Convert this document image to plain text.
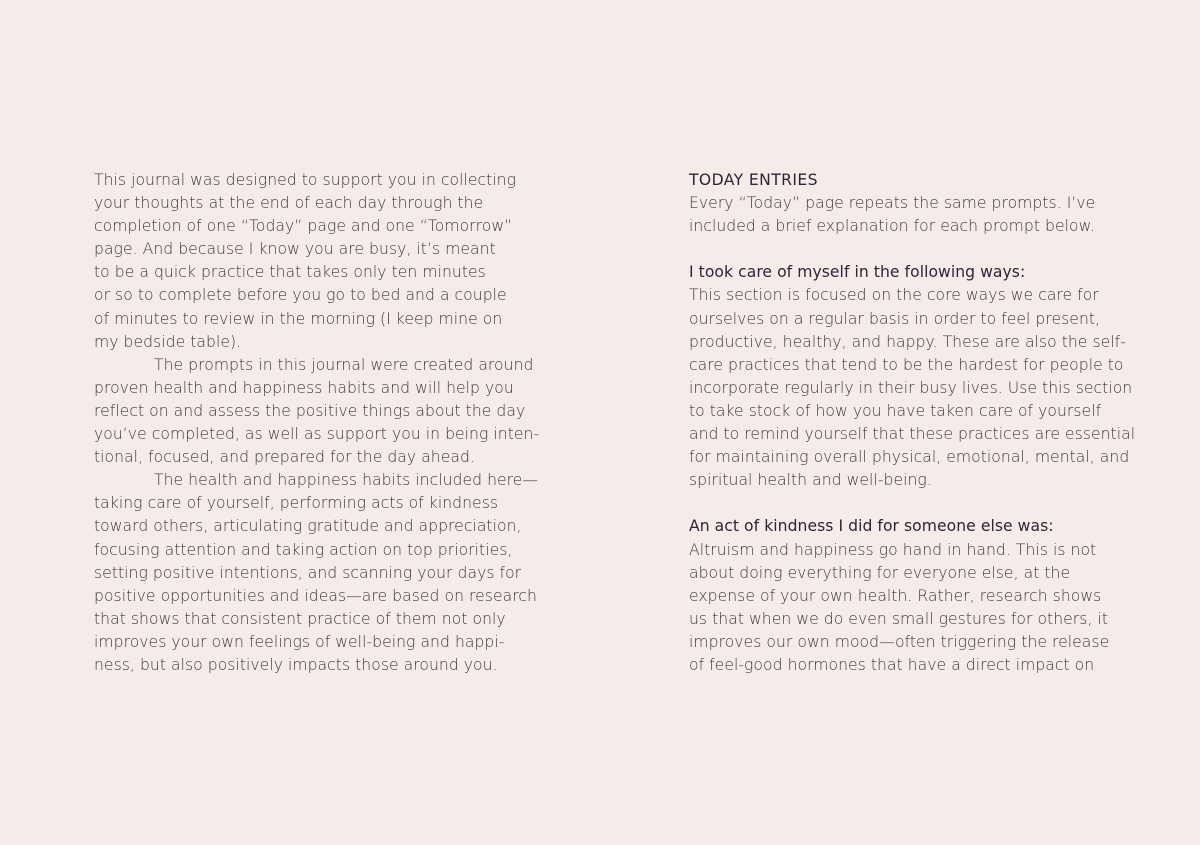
This journal was designed to support you in collecting
your thoughts at the end of each day through the
completion of one “Today” page and one “Tomorrow”
page. And because I know you are busy, it’s meant
to be a quick practice that takes only ten minutes
or so to complete before you go to bed and a couple
of minutes to review in the morning (I keep mine on
my bedside table).
The prompts in this journal were created around
proven health and happiness habits and will help you
reflect on and assess the positive things about the day
you’ve completed, as well as support you in being inten-
tional, focused, and prepared for the day ahead.
The health and happiness habits included here—
taking care of yourself, performing acts of kindness
toward others, articulating gratitude and appreciation,
focusing attention and taking action on top priorities,
setting positive intentions, and scanning your days for
positive opportunities and ideas—are based on research
that shows that consistent practice of them not only
improves your own feelings of well-being and happi-
ness, but also positively impacts those around you.
TODAY ENTRIES
Every “Today” page repeats the same prompts. I’ve
included a brief explanation for each prompt below.
I took care of myself in the following ways:
This section is focused on the core ways we care for
ourselves on a regular basis in order to feel present,
productive, healthy, and happy. These are also the self-
care practices that tend to be the hardest for people to
incorporate regularly in their busy lives. Use this section
to take stock of how you have taken care of yourself
and to remind yourself that these practices are essential
for maintaining overall physical, emotional, mental, and
spiritual health and well-being.
An act of kindness I did for someone else was:
Altruism and happiness go hand in hand. This is not
about doing everything for everyone else, at the
expense of your own health. Rather, research shows
us that when we do even small gestures for others, it
improves our own mood—often triggering the release
of feel-good hormones that have a direct impact on
